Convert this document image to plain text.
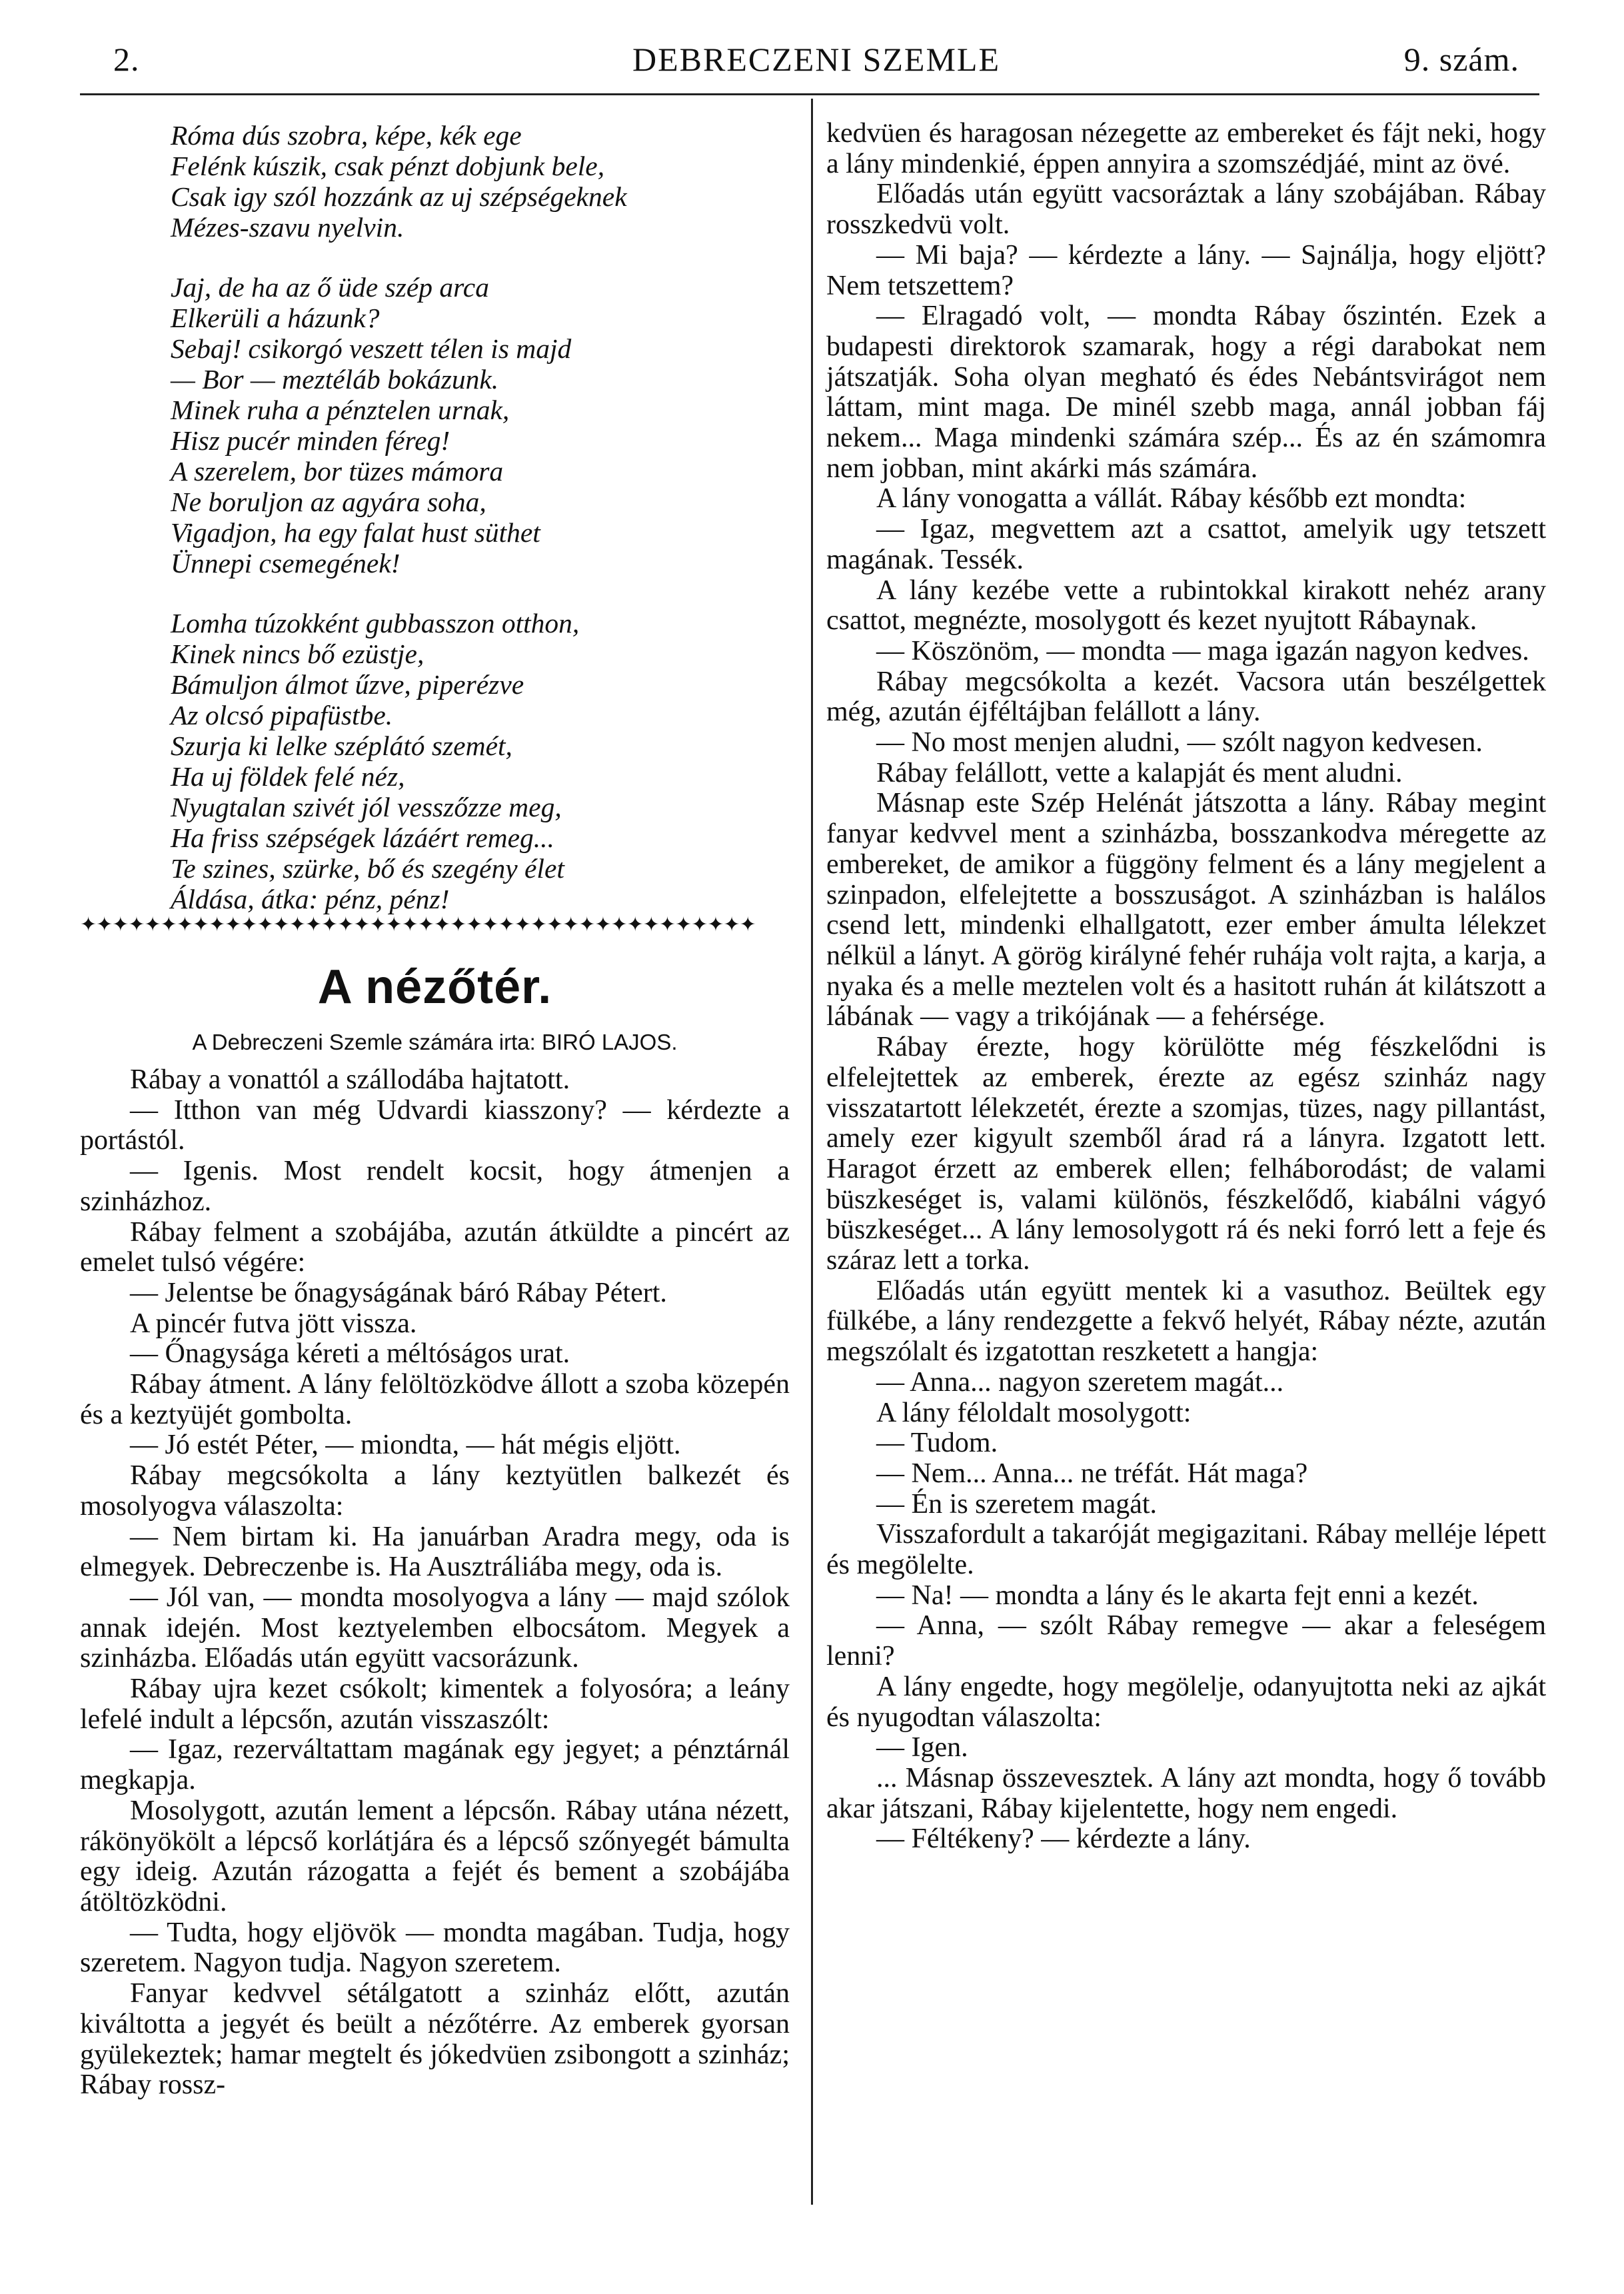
DEBRECZENI SZEMLE
2.	9. szám.
Róma dús szobra, képe, kék ege
Felénk kúszik, csak pénzt dobjunk bele,
Csak igy szól hozzánk az uj szépségeknek
Mézes-szavu nyelvin.
Jaj, de ha az ő üde szép arca
Elkerüli a házunk?
Sebaj! csikorgó veszett télen is majd
— Bor — meztéláb bokázunk.
Minek ruha a pénztelen urnak,
Hisz pucér minden féreg!
A szerelem, bor tüzes mámora
Ne boruljon az agyára soha,
Vigadjon, ha egy falat hust süthet
Ünnepi csemegének!
Lomha túzokként gubbasszon otthon,
Kinek nincs bő ezüstje,
Bámuljon álmot űzve, piperézve
Az olcsó pipafüstbe.
Szurja ki lelke széplátó szemét,
Ha uj földek felé néz,
Nyugtalan szivét jól vesszőzze meg,
Ha friss szépségek lázáért remeg...
Te szines, szürke, bő és szegény élet
Áldása, átka: pénz, pénz!
✦✦✦✦✦✦✦✦✦✦✦✦✦✦✦✦✦✦✦✦✦✦✦✦✦✦✦✦✦✦✦✦✦✦✦✦✦✦✦✦✦✦
A nézőtér.
A Debreczeni Szemle számára irta: BIRÓ LAJOS.

Rábay a vonattól a szállodába hajtatott.

— Itthon van még Udvardi kiasszony? — kérdezte a portástól.

— Igenis. Most rendelt kocsit, hogy átmenjen a szinházhoz.

Rábay felment a szobájába, azután átküldte a pincért az emelet tulsó végére:

— Jelentse be őnagyságának báró Rábay Pétert.

A pincér futva jött vissza.

— Őnagysága kéreti a méltóságos urat.

Rábay átment. A lány felöltözködve állott a szoba közepén és a keztyüjét gombolta.

— Jó estét Péter, — miondta, — hát mégis eljött.

Rábay megcsókolta a lány keztyütlen balkezét és mosolyogva válaszolta:

— Nem birtam ki. Ha januárban Aradra megy, oda is elmegyek. Debreczenbe is. Ha Ausztráliába megy, oda is.

— Jól van, — mondta mosolyogva a lány — majd szólok annak idején. Most keztyelemben elbocsátom. Megyek a szinházba. Előadás után együtt vacsorázunk.

Rábay ujra kezet csókolt; kimentek a folyosóra; a leány lefelé indult a lépcsőn, azután visszaszólt:

— Igaz, rezerváltattam magának egy jegyet; a pénztárnál megkapja.

Mosolygott, azután lement a lépcsőn. Rábay utána nézett, rákönyökölt a lépcső korlátjára és a lépcső szőnyegét bámulta egy ideig. Azután rázogatta a fejét és bement a szobájába átöltözködni.

— Tudta, hogy eljövök — mondta magában. Tudja, hogy szeretem. Nagyon tudja. Nagyon szeretem.

Fanyar kedvvel sétálgatott a szinház előtt, azután kiváltotta a jegyét és beült a nézőtérre. Az emberek gyorsan gyülekeztek; hamar megtelt és jókedvüen zsibongott a szinház; Rábay rossz-

kedvüen és haragosan nézegette az embereket és fájt neki, hogy a lány mindenkié, éppen annyira a szomszédjáé, mint az övé.

Előadás után együtt vacsoráztak a lány szobájában. Rábay rosszkedvü volt.

— Mi baja? — kérdezte a lány. — Sajnálja, hogy eljött? Nem tetszettem?

— Elragadó volt, — mondta Rábay őszintén. Ezek a budapesti direktorok szamarak, hogy a régi darabokat nem játszatják. Soha olyan megható és édes Nebántsvirágot nem láttam, mint maga. De minél szebb maga, annál jobban fáj nekem... Maga mindenki számára szép... És az én számomra nem jobban, mint akárki más számára.

A lány vonogatta a vállát. Rábay később ezt mondta:

— Igaz, megvettem azt a csattot, amelyik ugy tetszett magának. Tessék.

A lány kezébe vette a rubintokkal kirakott nehéz arany csattot, megnézte, mosolygott és kezet nyujtott Rábaynak.

— Köszönöm, — mondta — maga igazán nagyon kedves.

Rábay megcsókolta a kezét. Vacsora után beszélgettek még, azután éjféltájban felállott a lány.

— No most menjen aludni, — szólt nagyon kedvesen.

Rábay felállott, vette a kalapját és ment aludni.

Másnap este Szép Helénát játszotta a lány. Rábay megint fanyar kedvvel ment a szinházba, bosszankodva méregette az embereket, de amikor a függöny felment és a lány megjelent a szinpadon, elfelejtette a bosszuságot. A szinházban is halálos csend lett, mindenki elhallgatott, ezer ember ámulta lélekzet nélkül a lányt. A görög királyné fehér ruhája volt rajta, a karja, a nyaka és a melle meztelen volt és a hasitott ruhán át kilátszott a lábának — vagy a trikójának — a fehérsége.

Rábay érezte, hogy körülötte még fészkelődni is elfelejtettek az emberek, érezte az egész szinház nagy visszatartott lélekzetét, érezte a szomjas, tüzes, nagy pillantást, amely ezer kigyult szemből árad rá a lányra. Izgatott lett. Haragot érzett az emberek ellen; felháborodást; de valami büszkeséget is, valami különös, fészkelődő, kiabálni vágyó büszkeséget... A lány lemosolygott rá és neki forró lett a feje és száraz lett a torka.

Előadás után együtt mentek ki a vasuthoz. Beültek egy fülkébe, a lány rendezgette a fekvő helyét, Rábay nézte, azután megszólalt és izgatottan reszketett a hangja:

— Anna... nagyon szeretem magát...

A lány féloldalt mosolygott:

— Tudom.

— Nem... Anna... ne tréfát. Hát maga?

— Én is szeretem magát.

Visszafordult a takaróját megigazitani. Rábay melléje lépett és megölelte.

— Na! — mondta a lány és le akarta fejt enni a kezét.

— Anna, — szólt Rábay remegve — akar a feleségem lenni?

A lány engedte, hogy megölelje, odanyujtotta neki az ajkát és nyugodtan válaszolta:

— Igen.

... Másnap összevesztek. A lány azt mondta, hogy ő tovább akar játszani, Rábay kijelentette, hogy nem engedi.

— Féltékeny? — kérdezte a lány.
